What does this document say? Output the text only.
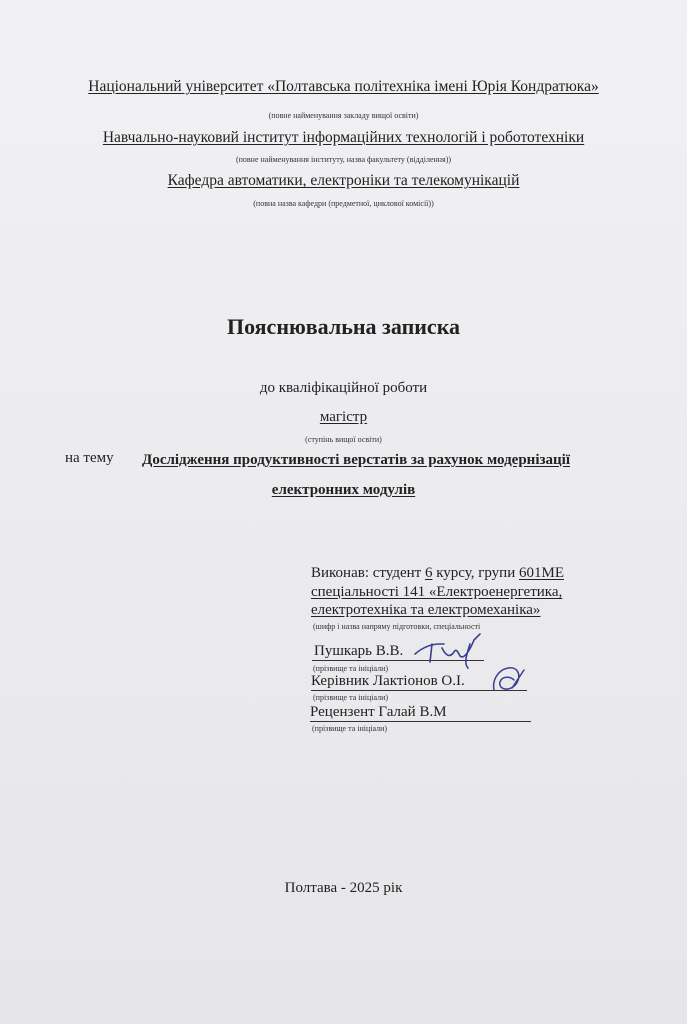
Національний університет «Полтавська політехніка імені Юрія Кондратюка»
(повне найменування закладу вищої освіти)
Навчально-науковий інститут інформаційних технологій і робототехніки
(повне найменування інституту, назва факультету (відділення))
Кафедра автоматики, електроніки та телекомунікацій
(повна назва кафедри (предметної, циклової комісії))
Пояснювальна записка
до кваліфікаційної роботи
магістр
(ступінь вищої освіти)
на тему Дослідження продуктивності верстатів за рахунок модернізації
електронних модулів
Виконав: студент 6 курсу, групи 601МЕ
спеціальності 141 «Електроенергетика,
електротехніка та електромеханіка»
(шифр і назва напряму підготовки, спеціальності
Пушкарь В.В.
(прізвище та ініціали)
Керівник Лактіонов О.І.
(прізвище та ініціали)
Рецензент Галай В.М
(прізвище та ініціали)
Полтава - 2025 рік
